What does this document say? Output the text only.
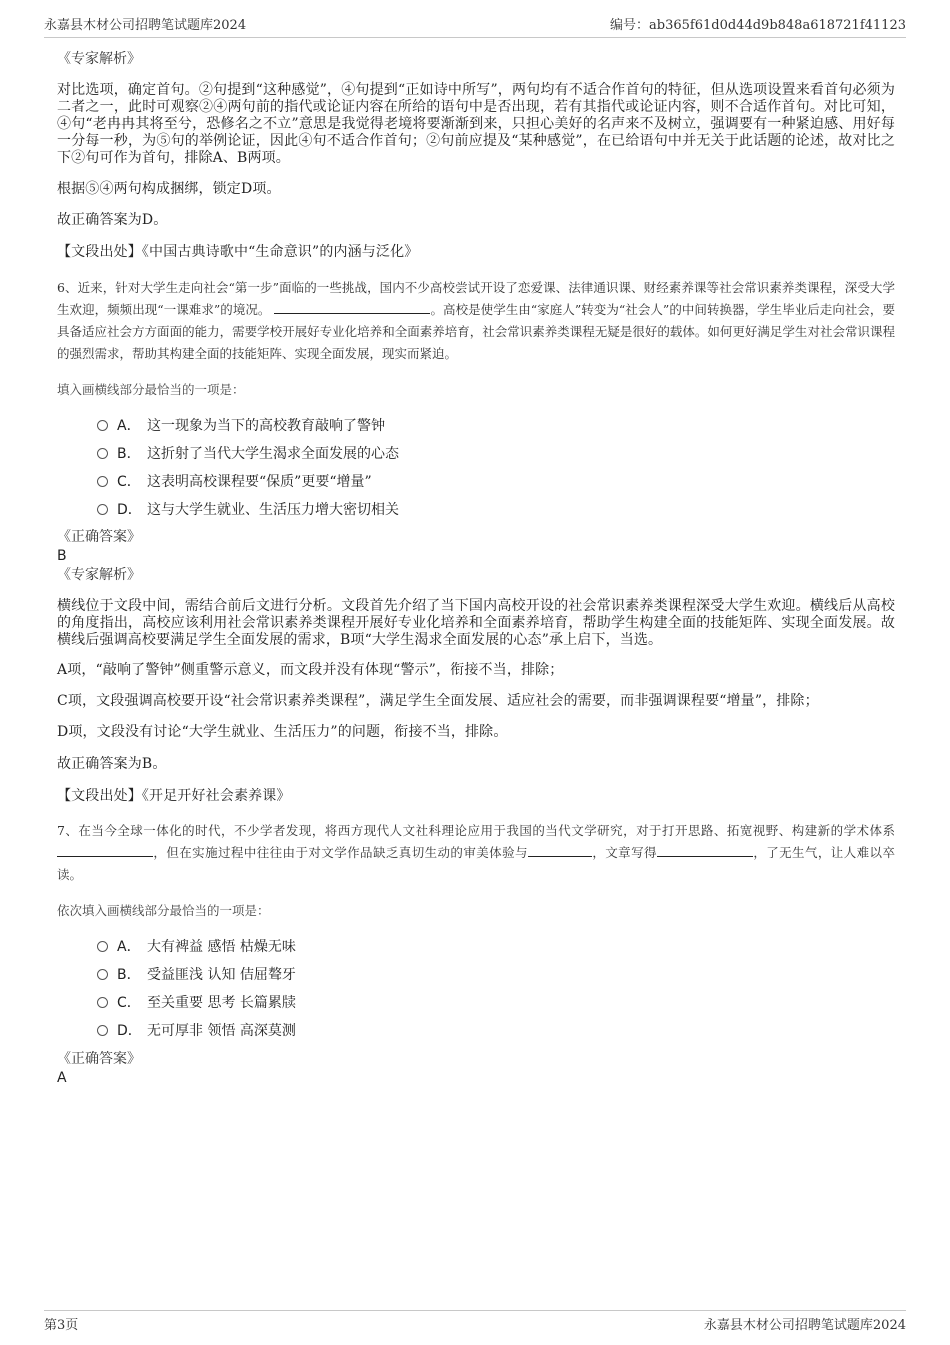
永嘉县木材公司招聘笔试题库2024	编号：ab365f61d0d44d9b848a618721f41123
《专家解析》
对比选项，确定首句。②句提到“这种感觉”，④句提到“正如诗中所写”，两句均有不适合作首句的特征，但从选项设置来看首句必须为二者之一，此时可观察②④两句前的指代或论证内容在所给的语句中是否出现，若有其指代或论证内容，则不合适作首句。对比可知，④句“老冉冉其将至兮，恐修名之不立”意思是我觉得老境将要渐渐到来，只担心美好的名声来不及树立，强调要有一种紧迫感、用好每一分每一秒，为⑤句的举例论证，因此④句不适合作首句；②句前应提及“某种感觉”，在已给语句中并无关于此话题的论述，故对比之下②句可作为首句，排除A、B两项。
根据⑤④两句构成捆绑，锁定D项。
故正确答案为D。
【文段出处】《中国古典诗歌中“生命意识”的内涵与泛化》
6、近来，针对大学生走向社会“第一步”面临的一些挑战，国内不少高校尝试开设了恋爱课、法律通识课、财经素养课等社会常识素养类课程，深受大学生欢迎，频频出现“一课难求”的境况。	。高校是使学生由“家庭人”转变为“社会人”的中间转换器，学生毕业后走向社会，要具备适应社会方方面面的能力，需要学校开展好专业化培养和全面素养培育，社会常识素养类课程无疑是很好的载体。如何更好满足学生对社会常识课程的强烈需求，帮助其构建全面的技能矩阵、实现全面发展，现实而紧迫。
填入画横线部分最恰当的一项是：
A． 这一现象为当下的高校教育敲响了警钟
B． 这折射了当代大学生渴求全面发展的心态
C． 这表明高校课程要“保质”更要“增量”
D． 这与大学生就业、生活压力增大密切相关
《正确答案》
B
《专家解析》
横线位于文段中间，需结合前后文进行分析。文段首先介绍了当下国内高校开设的社会常识素养类课程深受大学生欢迎。横线后从高校的角度指出，高校应该利用社会常识素养类课程开展好专业化培养和全面素养培育，帮助学生构建全面的技能矩阵、实现全面发展。故横线后强调高校要满足学生全面发展的需求，B项“大学生渴求全面发展的心态”承上启下，当选。
A项，“敲响了警钟”侧重警示意义，而文段并没有体现“警示”，衔接不当，排除；
C项，文段强调高校要开设“社会常识素养类课程”，满足学生全面发展、适应社会的需要，而非强调课程要“增量”，排除；
D项，文段没有讨论“大学生就业、生活压力”的问题，衔接不当，排除。
故正确答案为B。
【文段出处】《开足开好社会素养课》
7、在当今全球一体化的时代，不少学者发现，将西方现代人文社科理论应用于我国的当代文学研究，对于打开思路、拓宽视野、构建新的学术体系，但在实施过程中往往由于对文学作品缺乏真切生动的审美体验与	，文章写得	，了无生气，让人难以卒读。
依次填入画横线部分最恰当的一项是：
A． 大有裨益 感悟 枯燥无味
B． 受益匪浅 认知 佶屈聱牙
C． 至关重要 思考 长篇累牍
D． 无可厚非 领悟 高深莫测
《正确答案》
A
第3页	永嘉县木材公司招聘笔试题库2024
